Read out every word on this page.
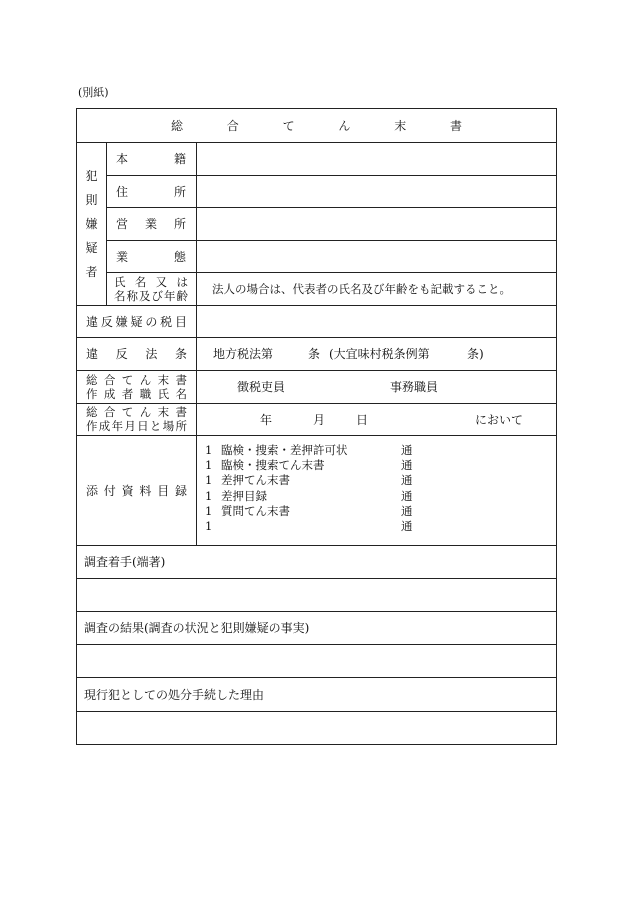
(別紙)
総 合 て ん 末 書
犯
則
嫌
疑
者
本	籍
住	所
営 業 所
業	態
氏名又は
名称及び年齢	法人の場合は、代表者の氏名及び年齢をも記載すること。
違反嫌疑の税目
違 反 法 条 地方税法第	条 (大宜味村税条例第	条)
総合てん末書
作成者職氏名	徴税吏員	事務職員
総合てん末書
作成年月日と場所	年	月	日	において
添 付 資 料 目 録
1 臨検・捜索・差押許可状	通
1 臨検・捜索てん末書	通
1 差押てん末書	通
1 差押目録	通
1 質問てん末書	通
1	通
調査着手(端著)
調査の結果(調査の状況と犯則嫌疑の事実)
現行犯としての処分手続した理由
